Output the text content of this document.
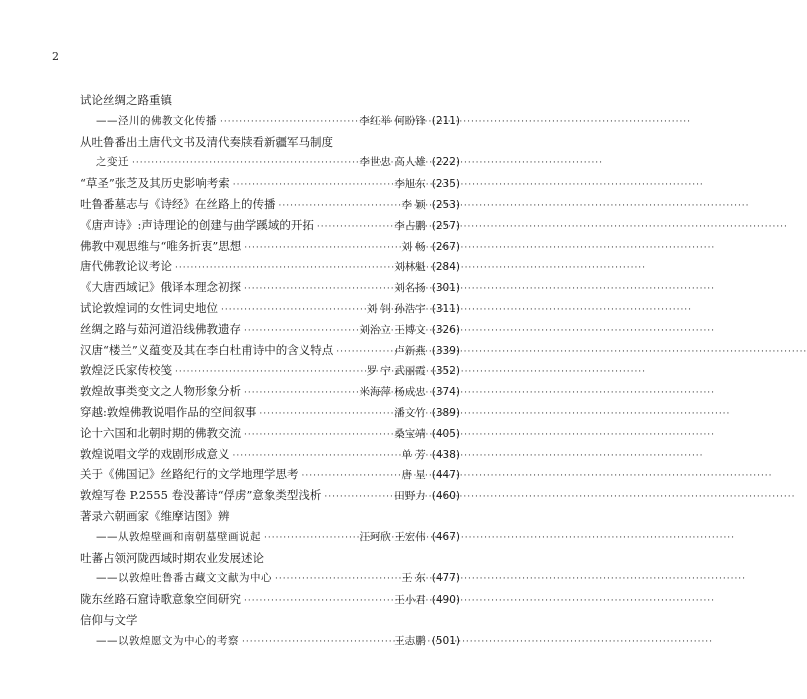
2
试论丝绸之路重镇
——泾川的佛教文化传播 ·····	李红举 何盼锋 (211)
从吐鲁番出土唐代文书及清代奏牍看新疆军马制度
之变迁 ·····	李世忠 高人雄 (222)
“草圣”张芝及其历史影响考索 ·····	李旭东 (235)
吐鲁番墓志与《诗经》在丝路上的传播 ·····	李 颖 (253)
《唐声诗》:声诗理论的创建与曲学蹊域的开拓 ·····	李占鹏 (257)
佛教中观思维与“唯务折衷”思想 ·····	刘 畅 (267)
唐代佛教论议考论 ·····	刘林魁 (284)
《大唐西域记》俄译本理念初探 ·····	刘名扬 (301)
试论敦煌词的女性词史地位 ·····	刘 钊 孙浩宇 (311)
丝绸之路与茹河道沿线佛教遗存 ·····	刘治立 王博文 (326)
汉唐“楼兰”义蕴变及其在李白杜甫诗中的含义特点 ·····	卢新燕 (339)
敦煌泛氏家传校笺 ·····	罗 宁 武丽霞 (352)
敦煌故事类变文之人物形象分析 ·····	米海萍 杨成忠 (374)
穿越:敦煌佛教说唱作品的空间叙事 ·····	潘文竹 (389)
论十六国和北朝时期的佛教交流 ·····	桑宝靖 (405)
敦煌说唱文学的戏剧形成意义 ·····	单 芳 (438)
关于《佛国记》丝路纪行的文学地理学思考 ·····	唐 星 (447)
敦煌写卷 P.2555 卷没蕃诗“俘虏”意象类型浅析 ·····	田野力 (460)
著录六朝画家《维摩诘图》辨
——从敦煌壁画和南朝墓壁画说起 ·····	汪珂欣 王宏伟 (467)
吐蕃占领河陇西域时期农业发展述论
——以敦煌吐鲁番古藏文文献为中心 ·····	王 东 (477)
陇东丝路石窟诗歌意象空间研究 ·····	王小君 (490)
信仰与文学
——以敦煌愿文为中心的考察 ·····	王志鹏 (501)
